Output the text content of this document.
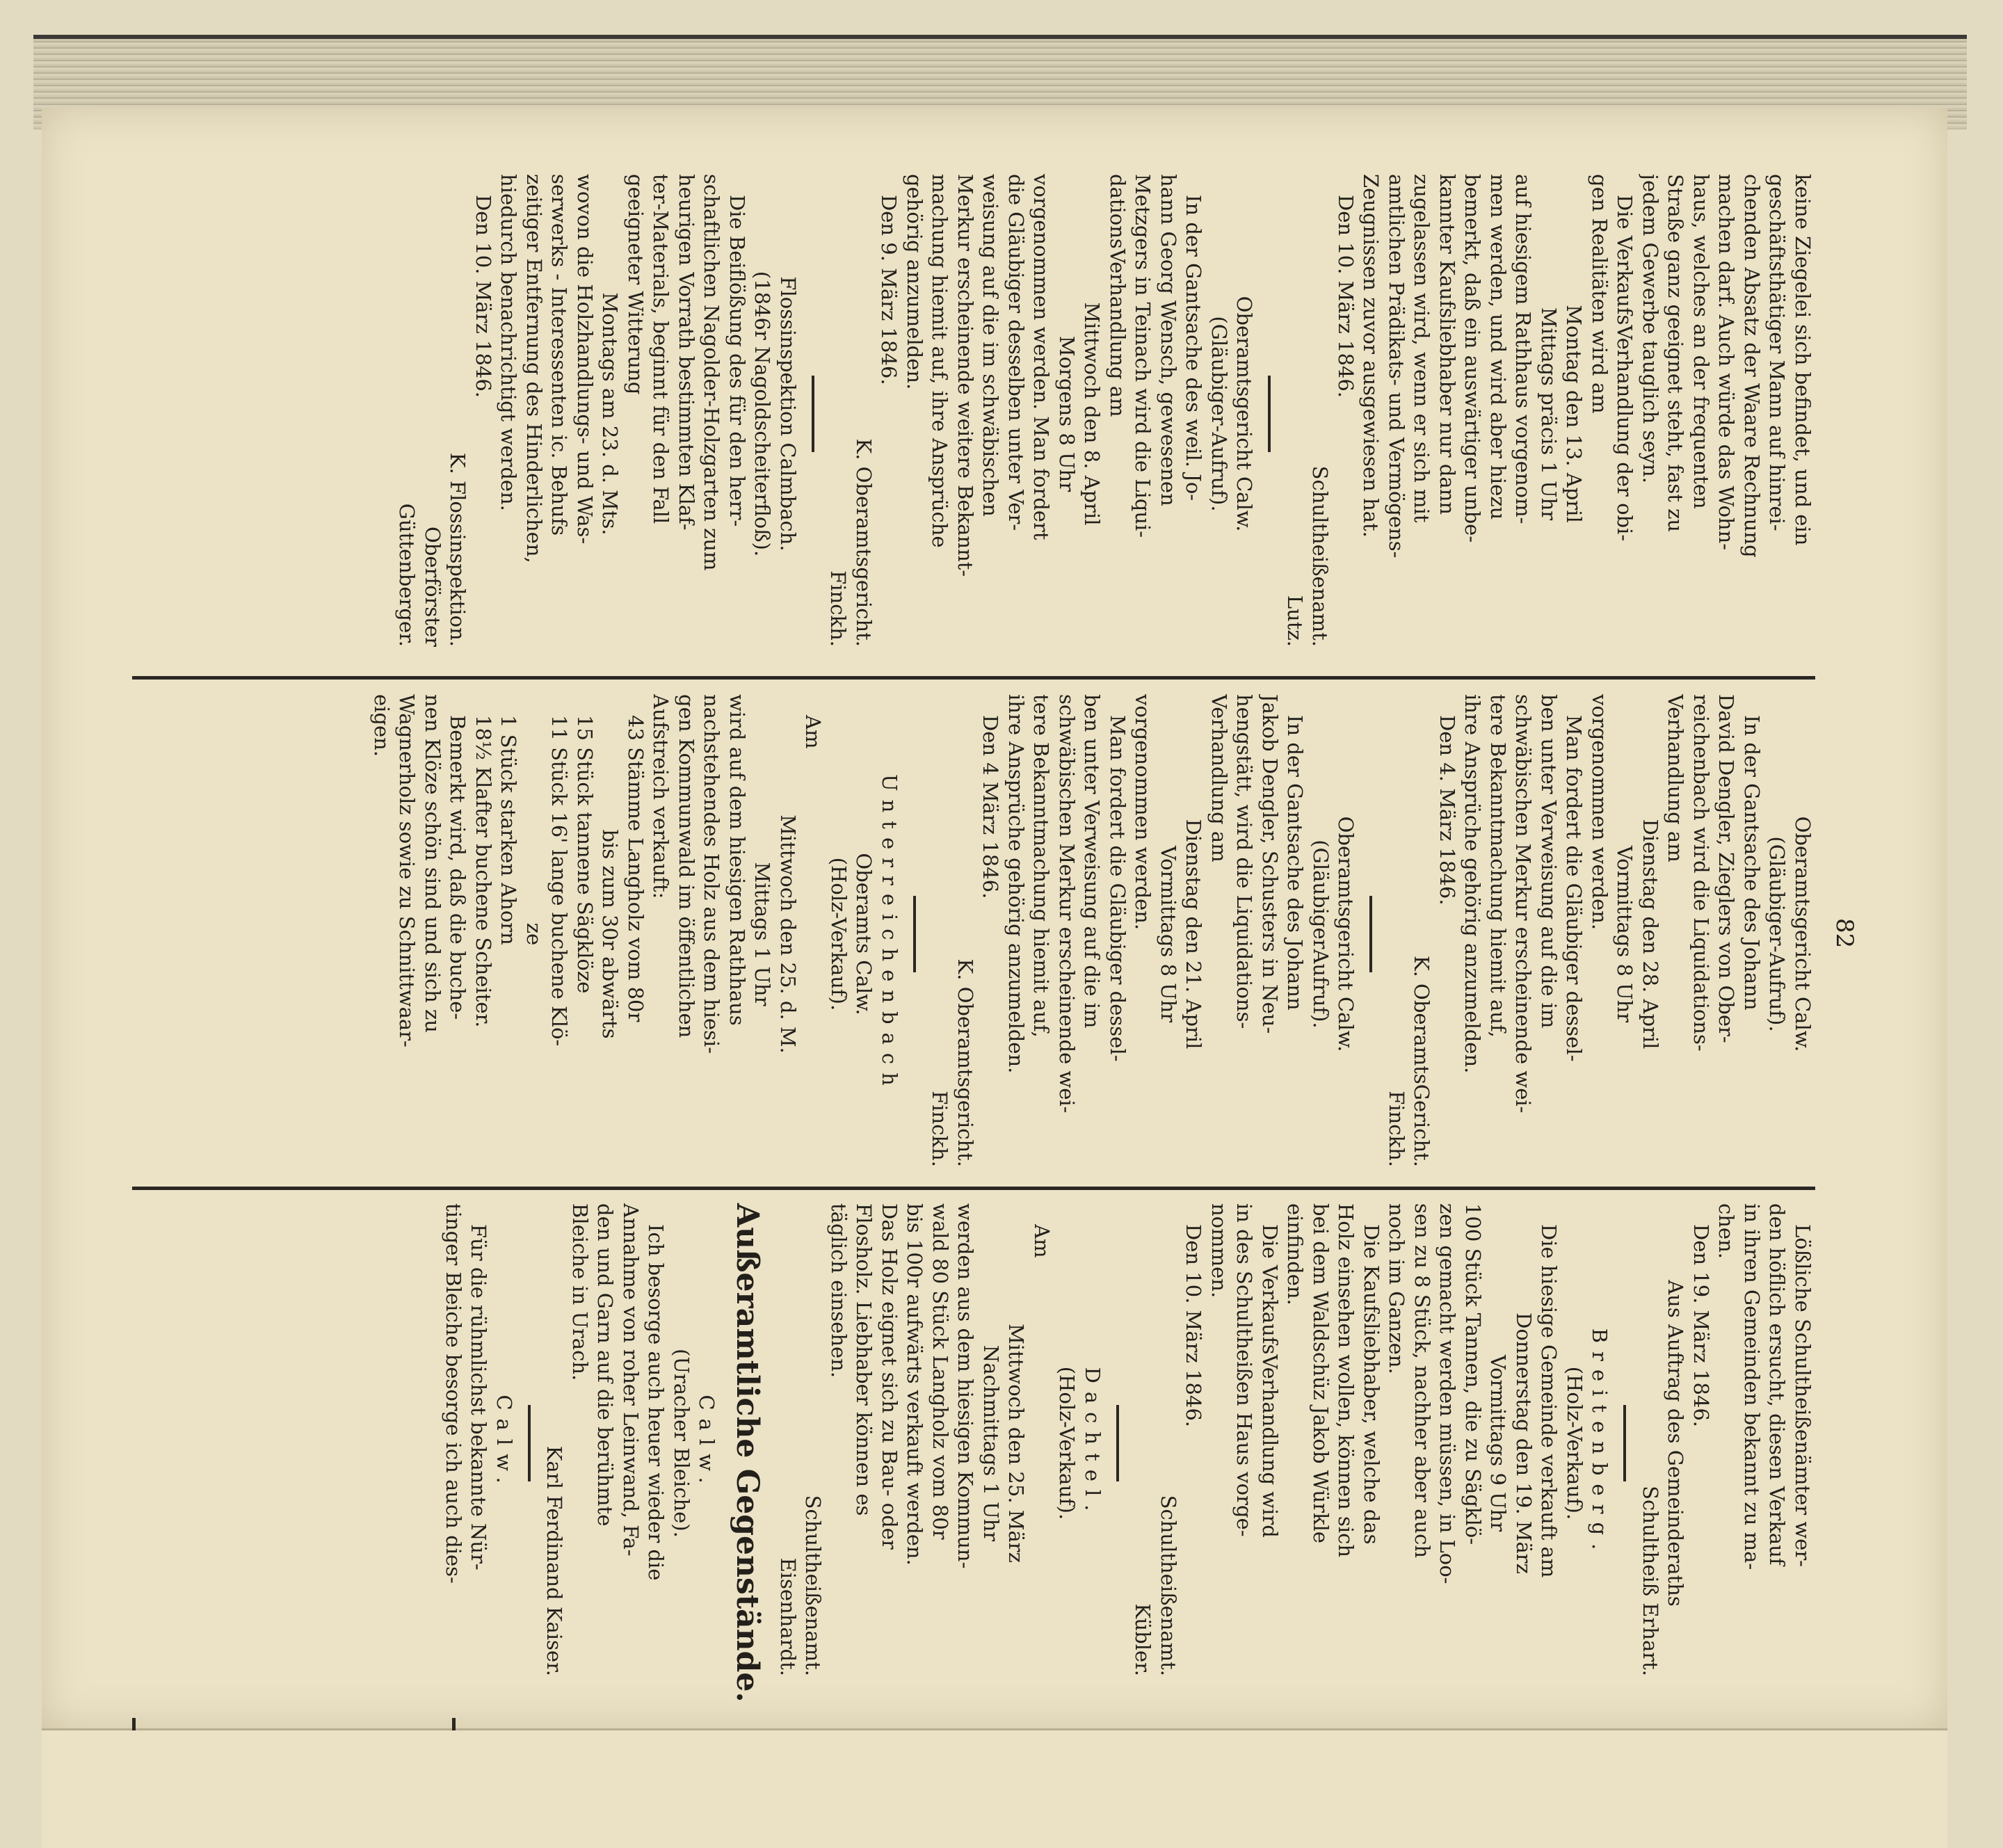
82
keine Ziegelei sich befindet, und ein
geschäftsthätiger Mann auf hinrei-
chenden Absatz der Waare Rechnung
machen darf. Auch würde das Wohn-
haus, welches an der frequenten
Straße ganz geeignet steht, fast zu
jedem Gewerbe tauglich seyn.
Die VerkaufsVerhandlung der obi-
gen Realitäten wird am
Montag den 13. April
Mittags präcis 1 Uhr
auf hiesigem Rathhaus vorgenom-
men werden, und wird aber hiezu
bemerkt, daß ein auswärtiger unbe-
kannter Kaufsliebhaber nur dann
zugelassen wird, wenn er sich mit
amtlichen Prädikats- und Vermögens-
Zeugnissen zuvor ausgewiesen hat.
Den 10. März 1846.
Schultheißenamt.
Lutz.
Oberamtsgericht Calw.
(Gläubiger-Aufruf).
In der Gantsache des weil. Jo-
hann Georg Wensch, gewesenen
Metzgers in Teinach wird die Liqui-
dationsVerhandlung am
Mittwoch den 8. April
Morgens 8 Uhr
vorgenommen werden. Man fordert
die Gläubiger desselben unter Ver-
weisung auf die im schwäbischen
Merkur erscheinende weitere Bekannt-
machung hiemit auf, ihre Ansprüche
gehörig anzumelden.
Den 9. März 1846.
K. Oberamtsgericht.
Finckh.
Flossinspektion Calmbach.
(1846r Nagoldscheiterfloß).
Die Beiflößung des für den herr-
schaftlichen Nagolder-Holzgarten zum
heurigen Vorrath bestimmten Klaf-
ter-Materials, beginnt für den Fall
geeigneter Witterung
Montags am 23. d. Mts.
wovon die Holzhandlungs- und Was-
serwerks - Interessenten ic. Behufs
zeitiger Entfernung des Hinderlichen,
hiedurch benachrichtigt werden.
Den 10. März 1846.
K. Flossinspektion.
Oberförster
Güttenberger.
Oberamtsgericht Calw.
(Gläubiger-Aufruf).
In der Gantsache des Johann
David Dengler, Zieglers von Ober-
reichenbach wird die Liquidations-
Verhandlung am
Dienstag den 28. April
Vormittags 8 Uhr
vorgenommen werden.
Man fordert die Gläubiger dessel-
ben unter Verweisung auf die im
schwäbischen Merkur erscheinende wei-
tere Bekanntmachung hiemit auf,
ihre Ansprüche gehörig anzumelden.
Den 4. März 1846.
K. OberamtsGericht.
Finckh.
Oberamtsgericht Calw.
(GläubigerAufruf).
In der Gantsache des Johann
Jakob Dengler, Schusters in Neu-
hengstätt, wird die Liquidations-
Verhandlung am
Dienstag den 21. April
Vormittags 8 Uhr
vorgenommen werden.
Man fordert die Gläubiger dessel-
ben unter Verweisung auf die im
schwäbischen Merkur erscheinende wei-
tere Bekanntmachung hiemit auf,
ihre Ansprüche gehörig anzumelden.
Den 4 März 1846.
K. Oberamtsgericht.
Finckh.
Unterreichenbach
Oberamts Calw.
(Holz-Verkauf).
Am
Mittwoch den 25. d. M.
Mittags 1 Uhr
wird auf dem hiesigen Rathhaus
nachstehendes Holz aus dem hiesi-
gen Kommunwald im öffentlichen
Aufstreich verkauft:
43 Stämme Langholz vom 80r
bis zum 30r abwärts
15 Stück tannene Sägklöze
11 Stück 16' lange buchene Klö-
ze
1 Stück starken Ahorn
18½ Klafter buchene Scheiter.
Bemerkt wird, daß die buche-
nen Klöze schön sind und sich zu
Wagnerholz sowie zu Schnittwaar-
eigen.
Lößliche Schultheißenämter wer-
den höflich ersucht, diesen Verkauf
in ihren Gemeinden bekannt zu ma-
chen.
Den 19. März 1846.
Aus Auftrag des Gemeinderaths
Schultheiß Erhart.
Breitenberg.
(Holz-Verkauf).
Die hiesige Gemeinde verkauft am
Donnerstag den 19. März
Vormittags 9 Uhr
100 Stück Tannen, die zu Sägklö-
zen gemacht werden müssen, in Loo-
sen zu 8 Stück, nachher aber auch
noch im Ganzen.
Die Kaufsliebhaber, welche das
Holz einsehen wollen, können sich
bei dem Waldschüz Jakob Würkle
einfinden.
Die VerkaufsVerhandlung wird
in des Schultheißen Haus vorge-
nommen.
Den 10. März 1846.
Schultheißenamt.
Kübler.
Dachtel.
(Holz-Verkauf).
Am
Mittwoch den 25. März
Nachmittags 1 Uhr
werden aus dem hiesigen Kommun-
wald 80 Stück Langholz vom 80r
bis 100r aufwärts verkauft werden.
Das Holz eignet sich zu Bau- oder
Flosholz. Liebhaber können es
täglich einsehen.
Schultheißenamt.
Eisenhardt.
Außeramtliche Gegenstände.
Calw.
(Uracher Bleiche).
Ich besorge auch heuer wieder die
Annahme von roher Leinwand, Fa-
den und Garn auf die berühmte
Bleiche in Urach.
Karl Ferdinand Kaiser.
Calw.
Für die rühmlichst bekannte Nür-
tinger Bleiche besorge ich auch dies-
